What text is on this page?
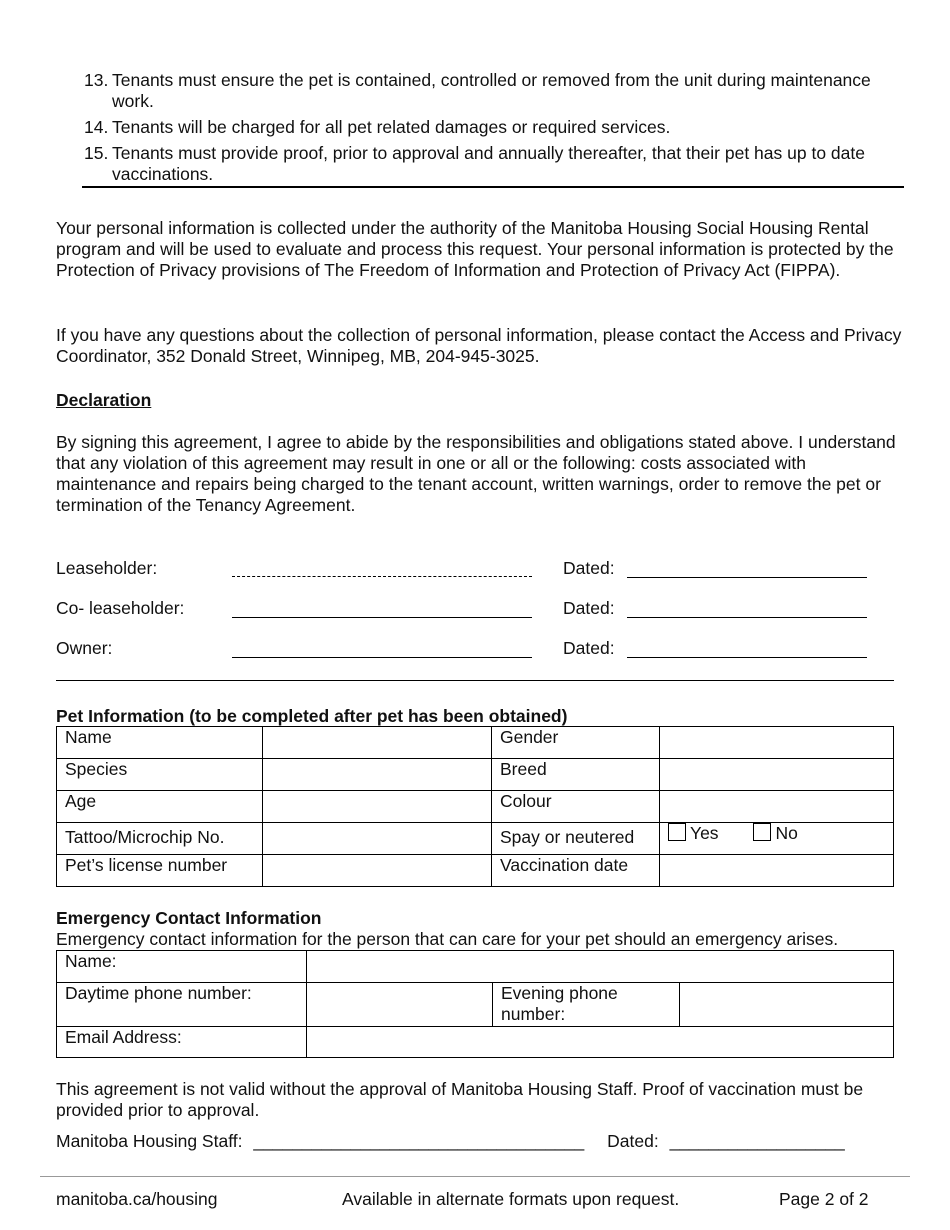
13. Tenants must ensure the pet is contained, controlled or removed from the unit during maintenance work.
14. Tenants will be charged for all pet related damages or required services.
15. Tenants must provide proof, prior to approval and annually thereafter, that their pet has up to date vaccinations.
Your personal information is collected under the authority of the Manitoba Housing Social Housing Rental program and will be used to evaluate and process this request. Your personal information is protected by the Protection of Privacy provisions of The Freedom of Information and Protection of Privacy Act (FIPPA).
If you have any questions about the collection of personal information, please contact the Access and Privacy Coordinator, 352 Donald Street, Winnipeg, MB, 204-945-3025.
Declaration
By signing this agreement, I agree to abide by the responsibilities and obligations stated above. I understand that any violation of this agreement may result in one or all or the following: costs associated with maintenance and repairs being charged to the tenant account, written warnings, order to remove the pet or termination of the Tenancy Agreement.
Leaseholder:	Dated:
Co- leaseholder:	Dated:
Owner:	Dated:
Pet Information (to be completed after pet has been obtained)
Name		Gender	
Species		Breed	
Age		Colour	
Tattoo/Microchip No.		Spay or neutered	Yes No
Pet’s license number		Vaccination date	
Emergency Contact Information
Emergency contact information for the person that can care for your pet should an emergency arises.
Name:			
Daytime phone number:		Evening phone number:	
Email Address:			
This agreement is not valid without the approval of Manitoba Housing Staff. Proof of vaccination must be provided prior to approval.
Manitoba Housing Staff: __________________________________ Dated: __________________
manitoba.ca/housing	Available in alternate formats upon request.	Page 2 of 2
